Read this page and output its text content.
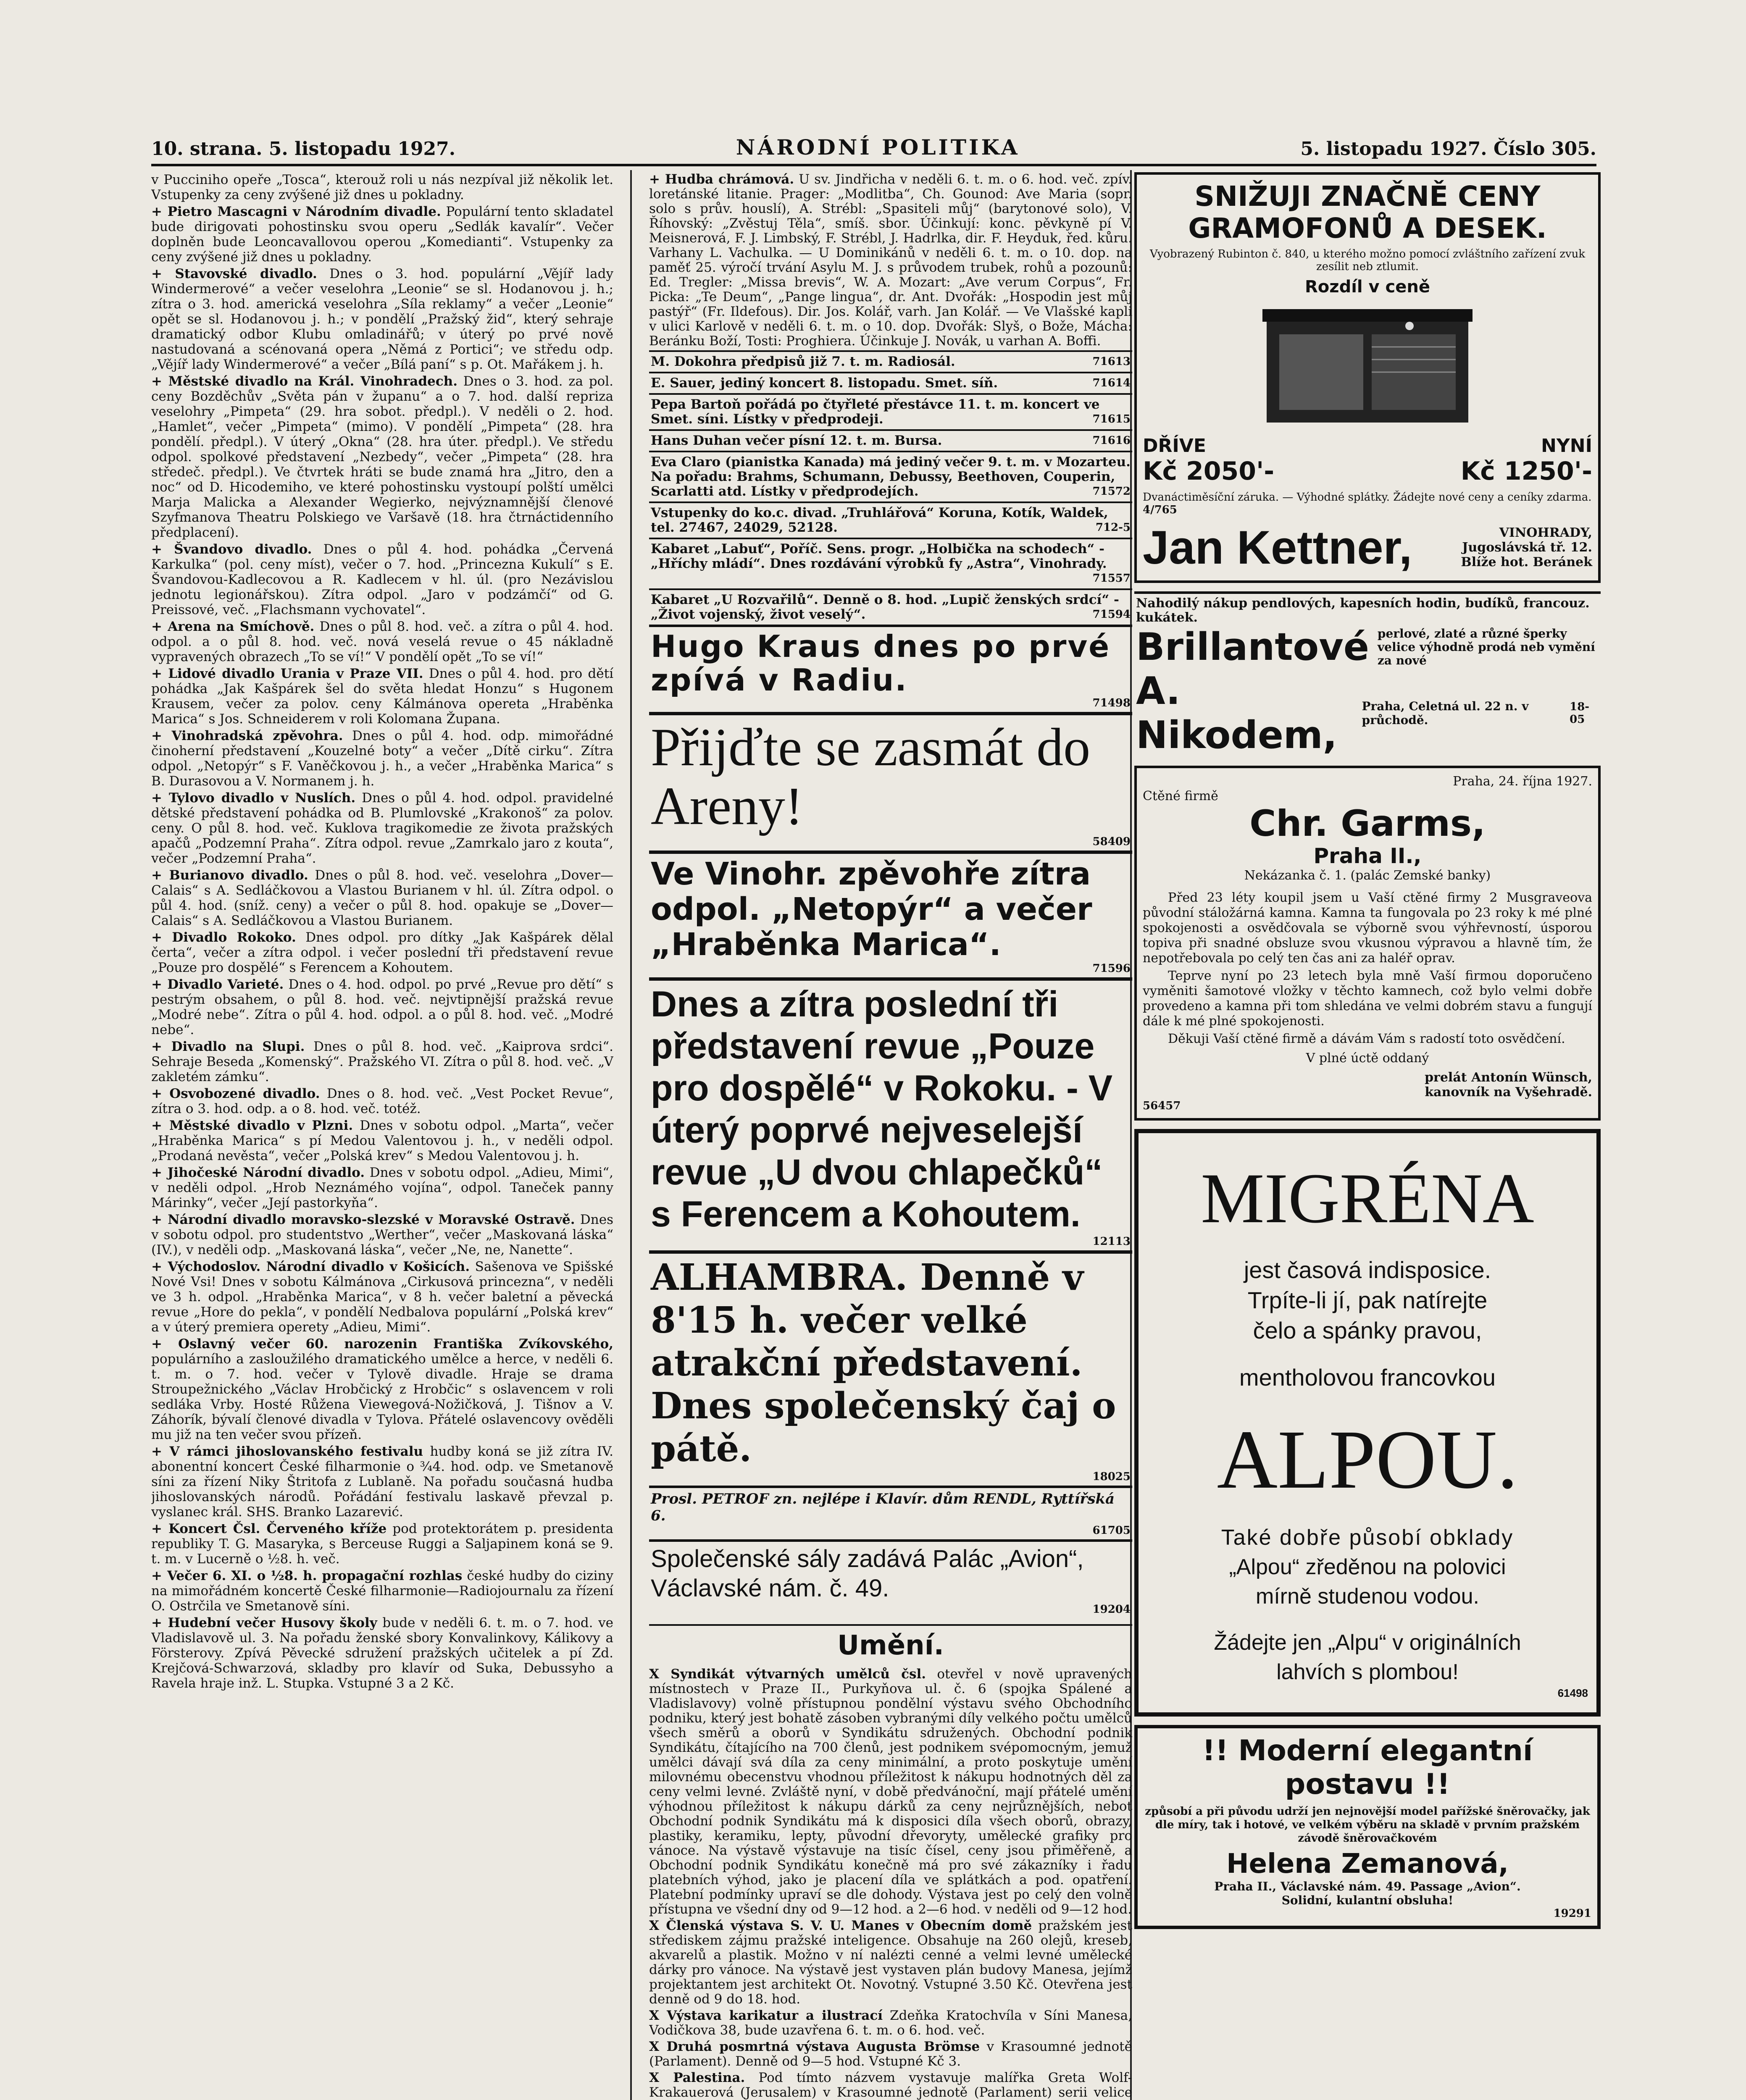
10. strana. 5. listopadu 1927.	NÁRODNÍ POLITIKA	5. listopadu 1927. Číslo 305.

v Pucciniho opeře „Tosca“, kterouž roli u nás nezpíval již několik let. Vstupenky za ceny zvýšené již dnes u pokladny.

+ Pietro Mascagni v Národním divadle. Populární tento skladatel bude dirigovati pohostinsku svou operu „Sedlák kavalír“. Večer doplněn bude Leoncavallovou operou „Komedianti“. Vstupenky za ceny zvýšené již dnes u pokladny.

+ Stavovské divadlo. Dnes o 3. hod. populární „Vějíř lady Windermerové“ a večer veselohra „Leonie“ se sl. Hodanovou j. h.; zítra o 3. hod. americká veselohra „Síla reklamy“ a večer „Leonie“ opět se sl. Hodanovou j. h.; v pondělí „Pražský žid“, který sehraje dramatický odbor Klubu omladinářů; v úterý po prvé nově nastudovaná a scénovaná opera „Němá z Portici“; ve středu odp. „Vějíř lady Windermerové“ a večer „Bílá paní“ s p. Ot. Mařákem j. h.

+ Městské divadlo na Král. Vinohradech. Dnes o 3. hod. za pol. ceny Bozděchův „Světa pán v županu“ a o 7. hod. další repriza veselohry „Pimpeta“ (29. hra sobot. předpl.). V neděli o 2. hod. „Hamlet“, večer „Pimpeta“ (mimo). V pondělí „Pimpeta“ (28. hra pondělí. předpl.). V úterý „Okna“ (28. hra úter. předpl.). Ve středu odpol. spolkové představení „Nezbedy“, večer „Pimpeta“ (28. hra středeč. předpl.). Ve čtvrtek hráti se bude znamá hra „Jitro, den a noc“ od D. Hicodemiho, ve které pohostinsku vystoupí polští umělci Marja Malicka a Alexander Wegierko, nejvýznamnější členové Szyfmanova Theatru Polskiego ve Varšavě (18. hra čtrnáctidenního předplacení).

+ Švandovo divadlo. Dnes o půl 4. hod. pohádka „Červená Karkulka“ (pol. ceny míst), večer o 7. hod. „Princezna Kukulí“ s E. Švandovou-Kadlecovou a R. Kadlecem v hl. úl. (pro Nezávislou jednotu legionářskou). Zítra odpol. „Jaro v podzámčí“ od G. Preissové, več. „Flachsmann vychovatel“.

+ Arena na Smíchově. Dnes o půl 8. hod. več. a zítra o půl 4. hod. odpol. a o půl 8. hod. več. nová veselá revue o 45 nákladně vypravených obrazech „To se ví!“ V pondělí opět „To se ví!“

+ Lidové divadlo Urania v Praze VII. Dnes o půl 4. hod. pro dětí pohádka „Jak Kašpárek šel do světa hledat Honzu“ s Hugonem Krausem, večer za polov. ceny Kálmánova opereta „Hraběnka Marica“ s Jos. Schneiderem v roli Kolomana Župana.

+ Vinohradská zpěvohra. Dnes o půl 4. hod. odp. mimořádné činoherní představení „Kouzelné boty“ a večer „Dítě cirku“. Zítra odpol. „Netopýr“ s F. Vaněčkovou j. h., a večer „Hraběnka Marica“ s B. Durasovou a V. Normanem j. h.

+ Tylovo divadlo v Nuslích. Dnes o půl 4. hod. odpol. pravidelné dětské představení pohádka od B. Plumlovské „Krakonoš“ za polov. ceny. O půl 8. hod. več. Kuklova tragikomedie ze života pražských apačů „Podzemní Praha“. Zítra odpol. revue „Zamrkalo jaro z kouta“, večer „Podzemní Praha“.

+ Burianovo divadlo. Dnes o půl 8. hod. več. veselohra „Dover—Calais“ s A. Sedláčkovou a Vlastou Burianem v hl. úl. Zítra odpol. o půl 4. hod. (sníž. ceny) a večer o půl 8. hod. opakuje se „Dover—Calais“ s A. Sedláčkovou a Vlastou Burianem.

+ Divadlo Rokoko. Dnes odpol. pro dítky „Jak Kašpárek dělal čerta“, večer a zítra odpol. i večer poslední tři představení revue „Pouze pro dospělé“ s Ferencem a Kohoutem.

+ Divadlo Varieté. Dnes o 4. hod. odpol. po prvé „Revue pro dětí“ s pestrým obsahem, o půl 8. hod. več. nejvtipnější pražská revue „Modré nebe“. Zítra o půl 4. hod. odpol. a o půl 8. hod. več. „Modré nebe“.

+ Divadlo na Slupi. Dnes o půl 8. hod. več. „Kaiprova srdci“. Sehraje Beseda „Komenský“. Pražského VI. Zítra o půl 8. hod. več. „V zakletém zámku“.

+ Osvobozené divadlo. Dnes o 8. hod. več. „Vest Pocket Revue“, zítra o 3. hod. odp. a o 8. hod. več. totéž.

+ Městské divadlo v Plzni. Dnes v sobotu odpol. „Marta“, večer „Hraběnka Marica“ s pí Medou Valentovou j. h., v neděli odpol. „Prodaná nevěsta“, večer „Polská krev“ s Medou Valentovou j. h.

+ Jihočeské Národní divadlo. Dnes v sobotu odpol. „Adieu, Mimi“, v neděli odpol. „Hrob Neznámého vojína“, odpol. Taneček panny Márinky“, večer „Její pastorkyňa“.

+ Národní divadlo moravsko-slezské v Moravské Ostravě. Dnes v sobotu odpol. pro studentstvo „Werther“, večer „Maskovaná láska“ (IV.), v neděli odp. „Maskovaná láska“, večer „Ne, ne, Nanette“.

+ Východoslov. Národní divadlo v Košicích. Sašenova ve Spišské Nové Vsi! Dnes v sobotu Kálmánova „Cirkusová princezna“, v neděli ve 3 h. odpol. „Hraběnka Marica“, v 8 h. večer baletní a pěvecká revue „Hore do pekla“, v pondělí Nedbalova populární „Polská krev“ a v úterý premiera operety „Adieu, Mimi“.

+ Oslavný večer 60. narozenin Františka Zvíkovského, populárního a zasloužilého dramatického umělce a herce, v neděli 6. t. m. o 7. hod. večer v Tylově divadle. Hraje se drama Stroupežnického „Václav Hrobčický z Hrobčic“ s oslavencem v roli sedláka Vrby. Hosté Růžena Viewegová-Nožičková, J. Tišnov a V. Záhorík, bývalí členové divadla v Tylova. Přátelé oslavencovy ověděli mu již na ten večer svou přízeň.

+ V rámci jihoslovanského festivalu hudby koná se již zítra IV. abonentní koncert České filharmonie o ¾4. hod. odp. ve Smetanově síni za řízení Niky Štritofa z Lublaně. Na pořadu současná hudba jihoslovanských národů. Pořádání festivalu laskavě převzal p. vyslanec král. SHS. Branko Lazarević.

+ Koncert Čsl. Červeného kříže pod protektorátem p. presidenta republiky T. G. Masaryka, s Berceuse Ruggi a Saljapinem koná se 9. t. m. v Lucerně o ½8. h. več.

+ Večer 6. XI. o ½8. h. propagační rozhlas české hudby do ciziny na mimořádném koncertě České filharmonie—Radiojournalu za řízení O. Ostrčila ve Smetanově síni.

+ Hudební večer Husovy školy bude v neděli 6. t. m. o 7. hod. ve Vladislavově ul. 3. Na pořadu ženské sbory Konvalinkovy, Kálikovy a Försterovy. Zpívá Pěvecké sdružení pražských učitelek a pí Zd. Krejčová-Schwarzová, skladby pro klavír od Suka, Debussyho a Ravela hraje inž. L. Stupka. Vstupné 3 a 2 Kč.

+ Hudba chrámová. U sv. Jindřicha v neděli 6. t. m. o 6. hod. več. zpív. loretánské litanie. Prager: „Modlitba“, Ch. Gounod: Ave Maria (sopr. solo s prův. houslí), A. Strébl: „Spasiteli můj“ (barytonové solo), V. Říhovský: „Zvěstuj Těla“, smíš. sbor. Účinkují: konc. pěvkyně pí V. Meisnerová, F. J. Limbský, F. Strébl, J. Hadrlka, dir. F. Heyduk, řed. kůru. Varhany L. Vachulka. — U Dominikánů v neděli 6. t. m. o 10. dop. na paměť 25. výročí trvání Asylu M. J. s průvodem trubek, rohů a pozounů: Ed. Tregler: „Missa brevis“, W. A. Mozart: „Ave verum Corpus“, Fr. Picka: „Te Deum“, „Pange lingua“, dr. Ant. Dvořák: „Hospodin jest můj pastýř“ (Fr. Ildefous). Dir. Jos. Kolář, varh. Jan Kolář. — Ve Vlašské kapli v ulici Karlově v neděli 6. t. m. o 10. dop. Dvořák: Slyš, o Bože, Mácha: Beránku Boží, Tosti: Proghiera. Účinkuje J. Novák, u varhan A. Boffi.

M. Dokohra předpisů již 7. t. m. Radiosál.	71613
E. Sauer, jediný koncert 8. listopadu. Smet. síň.	71614
Pepa Bartoň pořádá po čtyřleté přestávce 11. t. m. koncert ve Smet. síni. Lístky v předprodeji.	71615
Hans Duhan večer písní 12. t. m. Bursa.	71616
Eva Claro (pianistka Kanada) má jediný večer 9. t. m. v Mozarteu. Na pořadu: Brahms, Schumann, Debussy, Beethoven, Couperin, Scarlatti atd. Lístky v předprodejích.	71572
Vstupenky do ko.c. divad. „Truhlářová“ Koruna, Kotík, Waldek, tel. 27467, 24029, 52128.	712-5
Kabaret „Labuť“, Poříč. Sens. progr. „Holbička na schodech“ - „Hříchy mládí“. Dnes rozdávání výrobků fy „Astra“, Vinohrady.
71557
Kabaret „U Rozvařilů“. Denně o 8. hod. „Lupič ženských srdcí“ - „Život vojenský, život veselý“.	71594
Hugo Kraus dnes po prvé zpívá v Radiu.
71498
Přijďte se zasmát do Areny!
58409
Ve Vinohr. zpěvohře zítra odpol. „Netopýr“ a večer „Hraběnka Marica“.
71596
Dnes a zítra poslední tři představení revue „Pouze pro dospělé“ v Rokoku. - V úterý poprvé nejveselejší revue „U dvou chlapečků“ s Ferencem a Kohoutem.
12113
ALHAMBRA. Denně v 8'15 h. večer velké atrakční představení. Dnes společenský čaj o pátě.
18025
Prosl. PETROF zn. nejlépe i Klavír. dům RENDL, Ryttířská 6.
61705
Společenské sály zadává Palác „Avion“, Václavské nám. č. 49.
19204
Umění.

X Syndikát výtvarných umělců čsl. otevřel v nově upravených místnostech v Praze II., Purkyňova ul. č. 6 (spojka Spálené a Vladislavovy) volně přístupnou pondělní výstavu svého Obchodního podniku, který jest bohatě zásoben vybranými díly velkého počtu umělců všech směrů a oborů v Syndikátu sdružených. Obchodní podnik Syndikátu, čítajícího na 700 členů, jest podnikem svépomocným, jemuž umělci dávají svá díla za ceny minimální, a proto poskytuje umění milovnému obecenstvu vhodnou příležitost k nákupu hodnotných děl za ceny velmi levné. Zvláště nyní, v době předvánoční, mají přátelé umění výhodnou příležitost k nákupu dárků za ceny nejrůznějších, neboť Obchodní podnik Syndikátu má k disposici díla všech oborů, obrazy, plastiky, keramiku, lepty, původní dřevoryty, umělecké grafiky pro vánoce. Na výstavě výstavuje na tisíc čísel, ceny jsou přiměřeně, a Obchodní podnik Syndikátu konečně má pro své zákazníky i řadu platebních výhod, jako je placení díla ve splátkách a pod. opatření. Platební podmínky upraví se dle dohody. Výstava jest po celý den volně přístupna ve všední dny od 9—12 hod. a 2—6 hod. v neděli od 9—12 hod.

X Členská výstava S. V. U. Manes v Obecním domě pražském jest střediskem zájmu pražské inteligence. Obsahuje na 260 olejů, kreseb, akvarelů a plastik. Možno v ní nalézti cenné a velmi levné umělecké dárky pro vánoce. Na výstavě jest vystaven plán budovy Manesa, jejímž projektantem jest architekt Ot. Novotný. Vstupné 3.50 Kč. Otevřena jest denně od 9 do 18. hod.

X Výstava karikatur a ilustrací Zdeňka Kratochvíla v Síni Manesa, Vodičkova 38, bude uzavřena 6. t. m. o 6. hod. več.

X Druhá posmrtná výstava Augusta Brömse v Krasoumné jednotě (Parlament). Denně od 9—5 hod. Vstupné Kč 3.

X Palestina. Pod tímto názvem vystavuje malířka Greta Wolf-Krakauerová (Jerusalem) v Krasoumné jednotě (Parlament) serii velice

SNIŽUJI ZNAČNĚ CENY GRAMOFONŮ A DESEK.
Vyobrazený Rubinton č. 840, u kterého možno pomocí zvláštního zařízení zvuk zesílit neb ztlumit.
Rozdíl v ceně
DŘÍVE
Kč 2050'-
NYNÍ
Kč 1250'-
Dvanáctiměsíční záruka. — Výhodné splátky. Žádejte nové ceny a ceníky zdarma. 4/765
Jan Kettner,	VINOHRADY,
Jugoslávská tř. 12.
Blíže hot. Beránek
Nahodilý nákup pendlových, kapesních hodin, budíků, francouz. kukátek.
Brillantové perlové, zlaté a různé šperky velice výhodně prodá neb vymění za nové
A. Nikodem,
Praha, Celetná ul. 22 n. v průchodě.
18-05
Praha, 24. října 1927.
Ctěné firmě
Chr. Garms,
Praha II.,
Nekázanka č. 1. (palác Zemské banky)

Před 23 léty koupil jsem u Vaší ctěné firmy 2 Musgraveova původní stáložárná kamna. Kamna ta fungovala po 23 roky k mé plné spokojenosti a osvědčovala se výborně svou výhřevností, úsporou topiva při snadné obsluze svou vkusnou výpravou a hlavně tím, že nepotřebovala po celý ten čas ani za haléř oprav.

Teprve nyní po 23 letech byla mně Vaší firmou doporučeno vyměniti šamotové vložky v těchto kamnech, což bylo velmi dobře provedeno a kamna při tom shledána ve velmi dobrém stavu a fungují dále k mé plné spokojenosti.

Děkuji Vaší ctěné firmě a dávám Vám s radostí toto osvědčení.

V plné úctě oddaný
prelát Antonín Wünsch,
kanovník na Vyšehradě.
56457
MIGRÉNA
jest časová indisposice.
Trpíte-li jí, pak natírejte
čelo a spánky pravou,
mentholovou francovkou
ALPOU.
Také dobře působí obklady
„Alpou“ zředěnou na polovici
mírně studenou vodou.
Žádejte jen „Alpu“ v originálních
lahvích s plombou!
61498
!! Moderní elegantní postavu !!
způsobí a při původu udrží jen nejnovější model pařížské šněrovačky, jak dle míry, tak i hotové, ve velkém výběru na skladě v prvním pražském závodě šněrovačkovém
Helena Zemanová,
Praha II., Václavské nám. 49. Passage „Avion“.
Solidní, kulantní obsluha!
19291
